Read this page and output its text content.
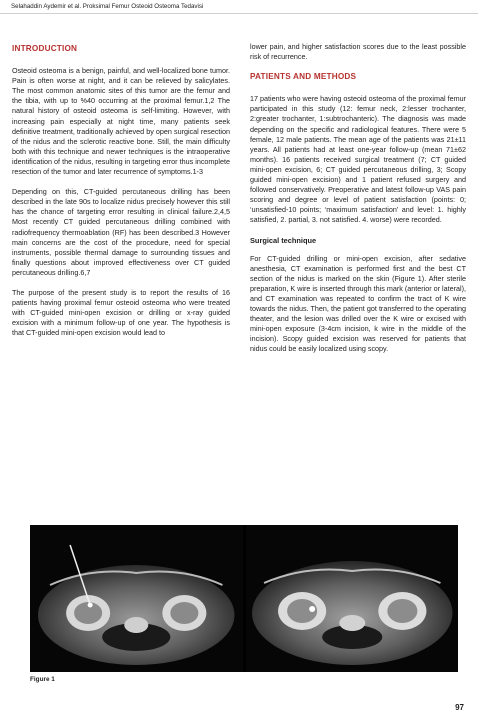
Selahaddin Aydemir et al. Proksimal Femur Osteoid Osteoma Tedavisi
INTRODUCTION

Osteoid osteoma is a benign, painful, and well-localized bone tumor. Pain is often worse at night, and it can be relieved by salicylates. The most common anatomic sites of this tumor are the femur and the tibia, with up to %40 occurring at the proximal femur.1,2 The natural history of osteoid osteoma is self-limiting. However, with increasing pain especially at night time, many patients seek definitive treatment, traditionally achieved by open surgical resection of the nidus and the sclerotic reactive bone. Still, the main difficulty both with this technique and newer techniques is the intraoperative identification of the nidus, resulting in targeting error thus incomplete resection of the tumor and later recurrence of symptoms.1-3

Depending on this, CT-guided percutaneous drilling has been described in the late 90s to localize nidus precisely however this still has the chance of targeting error resulting in clinical failure.2,4,5 Most recently CT guided percutaneous drilling combined with radiofrequency thermoablation (RF) has been described.3 However main concerns are the cost of the procedure, need for special instruments, possible thermal damage to surrounding tissues and finally questions about improved effectiveness over CT guided percutaneous drilling.6,7

The purpose of the present study is to report the results of 16 patients having proximal femur osteoid osteoma who were treated with CT-guided mini-open excision or drilling or x-ray guided excision with a minimum follow-up of one year. The hypothesis is that CT-guided mini-open excision would lead to

lower pain, and higher satisfaction scores due to the least possible risk of recurrence.

PATIENTS AND METHODS

17 patients who were having osteoid osteoma of the proximal femur participated in this study (12: femur neck, 2:lesser trochanter, 2:greater trochanter, 1:subtrochanteric). The diagnosis was made depending on the specific and radiological features. There were 5 female, 12 male patients. The mean age of the patients was 21±11 years. All patients had at least one-year follow-up (mean 71±62 months). 16 patients received surgical treatment (7; CT guided mini-open excision, 6; CT guided percutaneous drilling, 3; Scopy guided mini-open excision) and 1 patient refused surgery and followed conservatively. Preoperative and latest follow-up VAS pain scoring and degree or level of patient satisfaction (points: 0; ‘unsatisfied-10 points; ‘maximum satisfaction’ and level: 1. highly satisfied, 2. partial, 3. not satisfied. 4. worse) were recorded.

Surgical technique

For CT-guided drilling or mini-open excision, after sedative anesthesia, CT examination is performed first and the best CT section of the nidus is marked on the skin (Figure 1). After sterile preparation, K wire is inserted through this mark (anterior or lateral), and CT examination was repeated to confirm the tract of K wire towards the nidus. Then, the patient got transferred to the operating theater, and the lesion was drilled over the K wire or excised with mini-open exposure (3-4cm incision, k wire in the middle of the incision). Scopy guided excision was reserved for patients that nidus could be easily localized using scopy.

Figure 1
97
